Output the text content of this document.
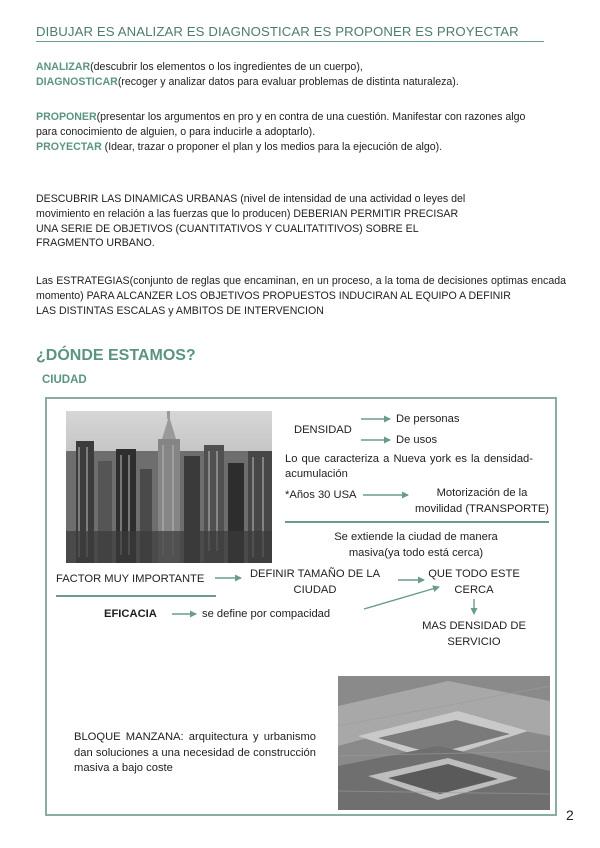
DIBUJAR ES ANALIZAR ES DIAGNOSTICAR ES PROPONER ES PROYECTAR
ANALIZAR(descubrir los elementos o los ingredientes de un cuerpo),
DIAGNOSTICAR(recoger y analizar datos para evaluar problemas de distinta naturaleza).
PROPONER(presentar los argumentos en pro y en contra de una cuestión. Manifestar con razones algo
para conocimiento de alguien, o para inducirle a adoptarlo).
PROYECTAR (Idear, trazar o proponer el plan y los medios para la ejecución de algo).
DESCUBRIR LAS DINAMICAS URBANAS (nivel de intensidad de una actividad o leyes del
movimiento en relación a las fuerzas que lo producen) DEBERIAN PERMITIR PRECISAR
UNA SERIE DE OBJETIVOS (CUANTITATIVOS Y CUALITATITIVOS) SOBRE EL
FRAGMENTO URBANO.
Las ESTRATEGIAS(conjunto de reglas que encaminan, en un proceso, a la toma de decisiones optimas encada momento) PARA ALCANZER LOS OBJETIVOS PROPUESTOS INDUCIRAN AL EQUIPO A DEFINIR
LAS DISTINTAS ESCALAS y AMBITOS DE INTERVENCION
¿DÓNDE ESTAMOS?
CIUDAD
DENSIDAD
De personas
De usos
Lo que caracteriza a Nueva york es la densidad- acumulación
*Años 30 USA	Motorización de la
movilidad (TRANSPORTE)
Se extiende la ciudad de manera
masiva(ya todo está cerca)
FACTOR MUY IMPORTANTE	DEFINIR TAMAÑO DE LA
CIUDAD
QUE TODO ESTE
CERCA
EFICACIA	se define por compacidad
MAS DENSIDAD DE
SERVICIO
BLOQUE MANZANA: arquitectura y urbanismo dan soluciones a una necesidad de construcción masiva a bajo coste
2
